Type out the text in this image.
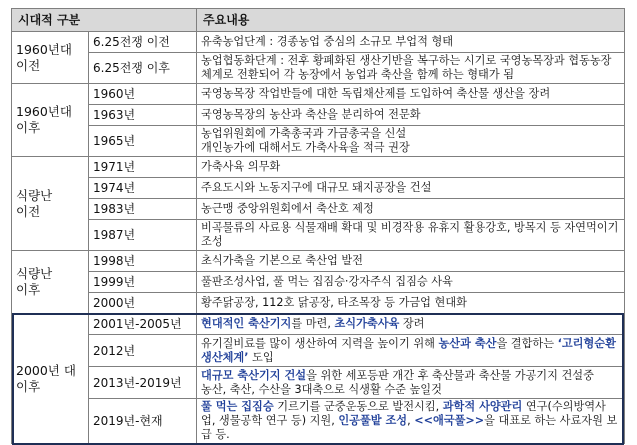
시대적 구분		주요내용
1960년대
이전	6.25전쟁 이전	유축농업단계 : 경종농업 중심의 소규모 부업적 형태
	6.25전쟁 이후	농업협동화단계 : 전후 황폐화된 생산기반을 복구하는 시기로 국영농목장과 협동농장체계로 전환되어 각 농장에서 농업과 축산을 함께 하는 형태가 됨
1960년대
이후	1960년	국영농목장 작업반들에 대한 독립채산제를 도입하여 축산물 생산을 장려
	1963년	국영농목장의 농산과 축산을 분리하여 전문화
	1965년	농업위원회에 가축총국과 가금총국을 신설
개인농가에 대해서도 가축사육을 적극 권장
식량난
이전	1971년	가축사육 의무화
	1974년	주요도시와 노동지구에 대규모 돼지공장을 건설
	1983년	농근맹 중앙위원회에서 축산호 제정
	1987년	비곡물류의 사료용 식물재배 확대 및 비경작용 유휴지 활용강호, 방목지 등 자연먹이기 조성
식량난
이후	1998년	초식가축을 기본으로 축산업 발전
	1999년	풀판조성사업, 풀 먹는 집짐승·강자주식 집짐승 사육
	2000년	황주닭공장, 112호 닭공장, 타조목장 등 가금업 현대화
2000년 대
이후	2001년-2005년	현대적인 축산기지를 마련, 초식가축사육 장려
	2012년	유기질비료를 많이 생산하여 지력을 높이기 위해 농산과 축산을 결합하는 ‘고리형순환생산체계’ 도입
	2013년-2019년	대규모 축산기지 건설을 위한 세포등판 개간 후 축산물과 축산물 가공기지 건설중
농산, 축산, 수산을 3대축으로 식생활 수준 높일것
	2019년-현재	풀 먹는 집짐승 기르기를 군중운동으로 발전시킴, 과학적 사양관리 연구(수의방역사업, 생물공학 연구 등) 지원, 인공풀밭 조성, <<애국풀>>을 대표로 하는 사료자원 보급 등.
